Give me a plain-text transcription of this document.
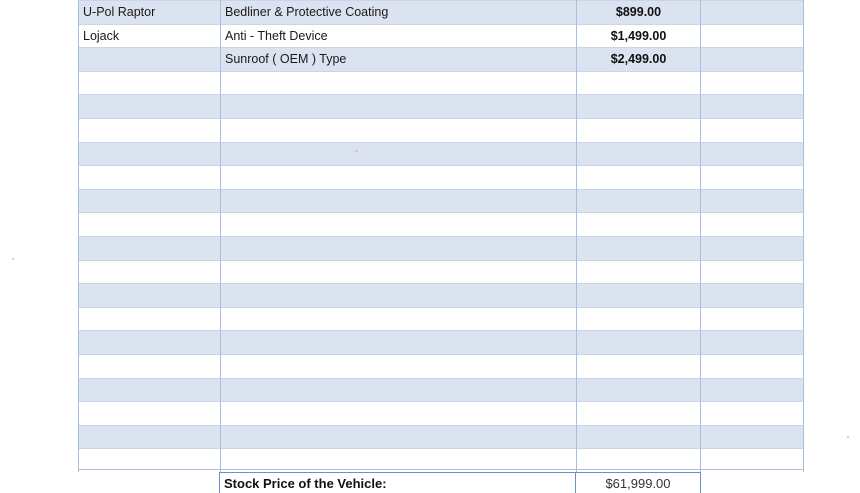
U-Pol Raptor	Bedliner & Protective Coating	$899.00	
Lojack	Anti - Theft Device	$1,499.00	
	Sunroof ( OEM ) Type	$2,499.00	

Stock Price of the Vehicle:	$61,999.00
